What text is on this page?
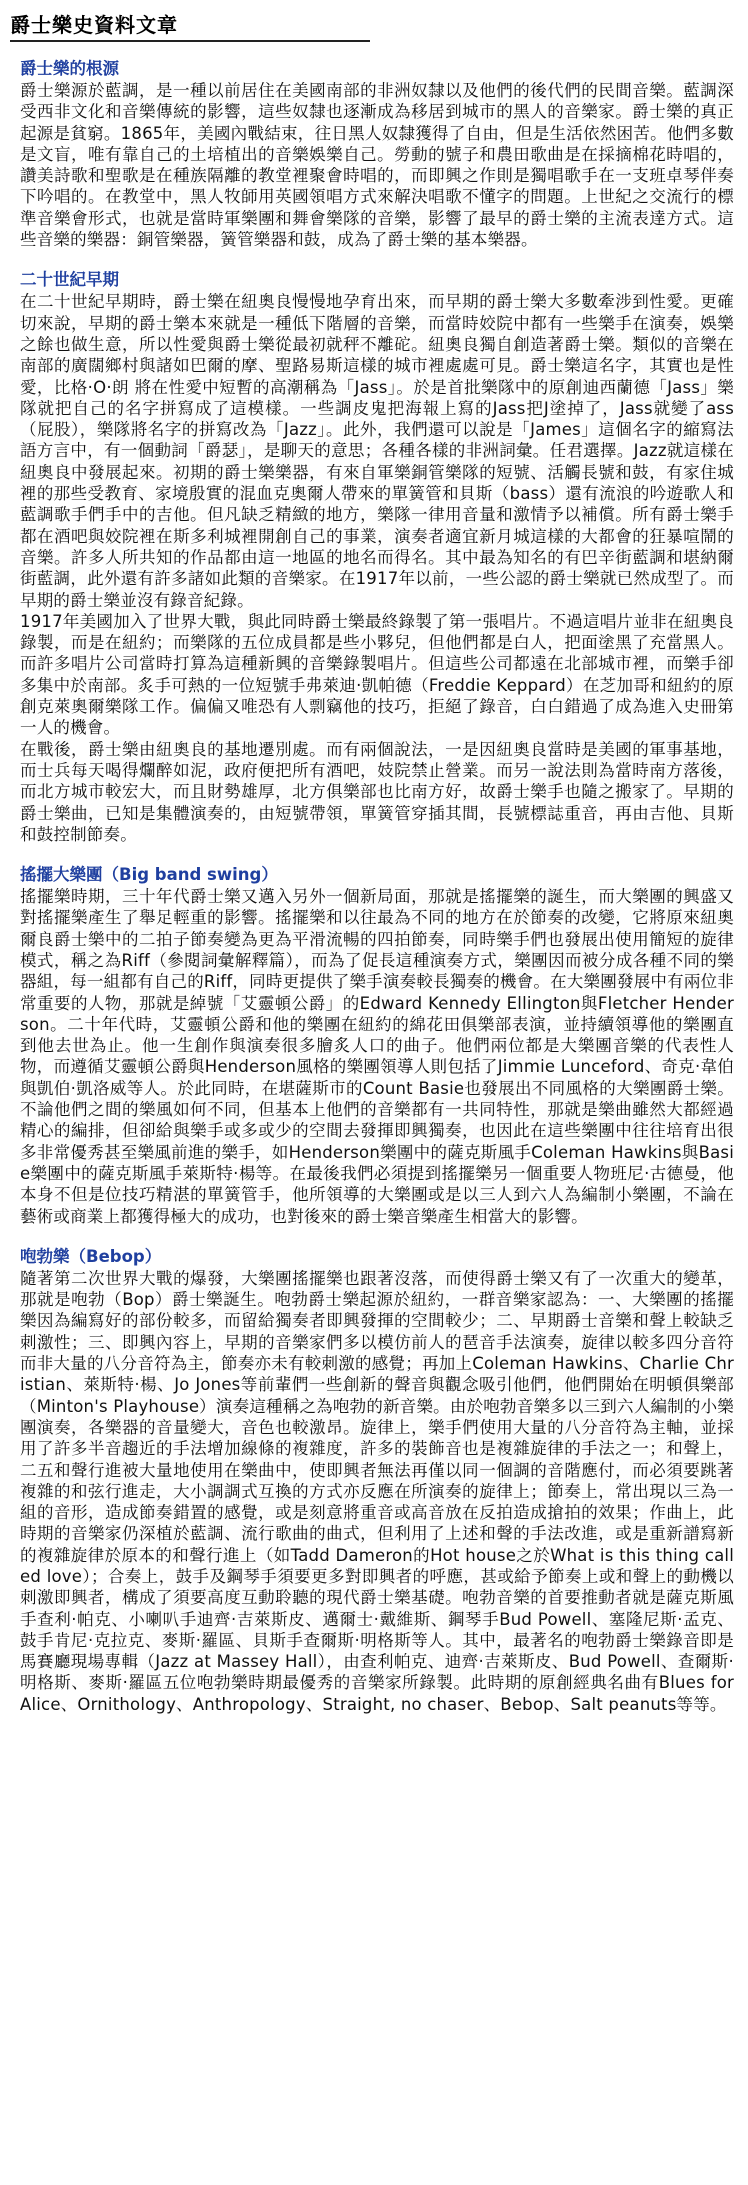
爵士樂史資料文章
爵士樂的根源

爵士樂源於藍調，是一種以前居住在美國南部的非洲奴隸以及他們的後代們的民間音樂。藍調深受西非文化和音樂傳統的影響，這些奴隸也逐漸成為移居到城市的黑人的音樂家。爵士樂的真正起源是貧窮。1865年，美國內戰結束，往日黑人奴隸獲得了自由，但是生活依然困苦。他們多數是文盲，唯有靠自己的土培植出的音樂娛樂自己。勞動的號子和農田歌曲是在採摘棉花時唱的，讚美詩歌和聖歌是在種族隔離的教堂裡聚會時唱的，而即興之作則是獨唱歌手在一支班卓琴伴奏下吟唱的。在教堂中，黑人牧師用英國領唱方式來解決唱歌不懂字的問題。上世紀之交流行的標準音樂會形式，也就是當時軍樂團和舞會樂隊的音樂，影響了最早的爵士樂的主流表達方式。這些音樂的樂器：銅管樂器，簧管樂器和鼓，成為了爵士樂的基本樂器。

二十世紀早期

在二十世紀早期時，爵士樂在紐奧良慢慢地孕育出來，而早期的爵士樂大多數牽涉到性愛。更確切來說，早期的爵士樂本來就是一種低下階層的音樂，而當時姣院中都有一些樂手在演奏，娛樂之餘也做生意，所以性愛與爵士樂從最初就秤不離砣。紐奧良獨自創造著爵士樂。類似的音樂在南部的廣闊鄉村與諸如巴爾的摩、聖路易斯這樣的城市裡處處可見。爵士樂這名字，其實也是性愛，比格·O·朗 將在性愛中短暫的高潮稱為「Jass」。於是首批樂隊中的原創迪西蘭德「Jass」樂隊就把自己的名字拼寫成了這模樣。一些調皮鬼把海報上寫的Jass把J塗掉了，Jass就變了ass（屁股），樂隊將名字的拼寫改為「Jazz」。此外，我們還可以說是「James」這個名字的縮寫法語方言中，有一個動詞「爵瑟」，是聊天的意思；各種各樣的非洲詞彙。任君選擇。Jazz就這樣在紐奧良中發展起來。初期的爵士樂樂器，有來自軍樂銅管樂隊的短號、活觸長號和鼓，有家住城裡的那些受教育、家境殷實的混血克奧爾人帶來的單簧管和貝斯（bass）還有流浪的吟遊歌人和藍調歌手們手中的吉他。但凡缺乏精緻的地方，樂隊一律用音量和激情予以補償。所有爵士樂手都在酒吧與姣院裡在斯多利城裡開創自己的事業，演奏者適宜新月城這樣的大都會的狂暴喧鬧的音樂。許多人所共知的作品都由這一地區的地名而得名。其中最為知名的有巴辛街藍調和堪納爾街藍調，此外還有許多諸如此類的音樂家。在1917年以前，一些公認的爵士樂就已然成型了。而早期的爵士樂並沒有錄音紀錄。

1917年美國加入了世界大戰，與此同時爵士樂最終錄製了第一張唱片。不過這唱片並非在紐奧良錄製，而是在紐約；而樂隊的五位成員都是些小夥兒，但他們都是白人，把面塗黑了充當黑人。而許多唱片公司當時打算為這種新興的音樂錄製唱片。但這些公司都遠在北部城市裡，而樂手卻多集中於南部。炙手可熱的一位短號手弗萊迪·凱帕德（Freddie Keppard）在芝加哥和紐約的原創克萊奧爾樂隊工作。偏偏又唯恐有人剽竊他的技巧，拒絕了錄音，白白錯過了成為進入史冊第一人的機會。

在戰後，爵士樂由紐奧良的基地遷別處。而有兩個說法，一是因紐奧良當時是美國的軍事基地，而士兵每天喝得爛醉如泥，政府便把所有酒吧，妓院禁止營業。而另一說法則為當時南方落後，而北方城市較宏大，而且財勢雄厚，北方俱樂部也比南方好，故爵士樂手也隨之搬家了。早期的爵士樂曲，已知是集體演奏的，由短號帶領，單簧管穿插其間，長號標誌重音，再由吉他、貝斯和鼓控制節奏。

搖擺大樂團（Big band swing）

搖擺樂時期，三十年代爵士樂又邁入另外一個新局面，那就是搖擺樂的誕生，而大樂團的興盛又對搖擺樂產生了舉足輕重的影響。搖擺樂和以往最為不同的地方在於節奏的改變，它將原來紐奧爾良爵士樂中的二拍子節奏變為更為平滑流暢的四拍節奏，同時樂手們也發展出使用簡短的旋律模式，稱之為Riff（參閱詞彙解釋篇），而為了促長這種演奏方式，樂團因而被分成各種不同的樂器組，每一組都有自己的Riff，同時更提供了樂手演奏較長獨奏的機會。在大樂團發展中有兩位非常重要的人物，那就是綽號「艾靈頓公爵」的Edward Kennedy Ellington與Fletcher Henderson。二十年代時，艾靈頓公爵和他的樂團在紐約的綿花田俱樂部表演，並持續領導他的樂團直到他去世為止。他一生創作與演奏很多膾炙人口的曲子。他們兩位都是大樂團音樂的代表性人物，而遵循艾靈頓公爵與Henderson風格的樂團領導人則包括了Jimmie Lunceford、奇克·韋伯與凱伯·凱洛威等人。於此同時，在堪薩斯市的Count Basie也發展出不同風格的大樂團爵士樂。不論他們之間的樂風如何不同，但基本上他們的音樂都有一共同特性，那就是樂曲雖然大都經過精心的編排，但卻給與樂手或多或少的空間去發揮即興獨奏，也因此在這些樂團中往往培育出很多非常優秀甚至樂風前進的樂手，如Henderson樂團中的薩克斯風手Coleman Hawkins與Basie樂團中的薩克斯風手萊斯特·楊等。在最後我們必須提到搖擺樂另一個重要人物班尼·古德曼，他本身不但是位技巧精湛的單簧管手，他所領導的大樂團或是以三人到六人為編制小樂團，不論在藝術或商業上都獲得極大的成功，也對後來的爵士樂音樂產生相當大的影響。

咆勃樂（Bebop）

隨著第二次世界大戰的爆發，大樂團搖擺樂也跟著沒落，而使得爵士樂又有了一次重大的變革，那就是咆勃（Bop）爵士樂誕生。咆勃爵士樂起源於紐約，一群音樂家認為：一、大樂團的搖擺樂因為編寫好的部份較多，而留給獨奏者即興發揮的空間較少；二、早期爵士音樂和聲上較缺乏刺激性；三、即興內容上，早期的音樂家們多以模仿前人的琶音手法演奏，旋律以較多四分音符而非大量的八分音符為主，節奏亦未有較刺激的感覺；再加上Coleman Hawkins、Charlie Christian、萊斯特·楊、Jo Jones等前輩們一些創新的聲音與觀念吸引他們，他們開始在明頓俱樂部（Minton's Playhouse）演奏這種稱之為咆勃的新音樂。由於咆勃音樂多以三到六人編制的小樂團演奏，各樂器的音量變大，音色也較激昂。旋律上，樂手們使用大量的八分音符為主軸，並採用了許多半音趨近的手法增加線條的複雜度，許多的裝飾音也是複雜旋律的手法之一；和聲上，二五和聲行進被大量地使用在樂曲中，使即興者無法再僅以同一個調的音階應付，而必須要跳著複雜的和弦行進走，大小調調式互換的方式亦反應在所演奏的旋律上；節奏上，常出現以三為一組的音形，造成節奏錯置的感覺，或是刻意將重音或高音放在反拍造成搶拍的效果；作曲上，此時期的音樂家仍深植於藍調、流行歌曲的曲式，但利用了上述和聲的手法改進，或是重新譜寫新的複雜旋律於原本的和聲行進上（如Tadd Dameron的Hot house之於What is this thing called love）；合奏上，鼓手及鋼琴手須要更多對即興者的呼應，甚或給予節奏上或和聲上的動機以刺激即興者，構成了須要高度互動聆聽的現代爵士樂基礎。咆勃音樂的首要推動者就是薩克斯風手查利·帕克、小喇叭手迪齊·吉萊斯皮、邁爾士·戴維斯、鋼琴手Bud Powell、塞隆尼斯·孟克、鼓手肯尼·克拉克、麥斯·羅區、貝斯手查爾斯·明格斯等人。其中，最著名的咆勃爵士樂錄音即是馬賽廳現場專輯（Jazz at Massey Hall），由查利帕克、迪齊·吉萊斯皮、Bud Powell、查爾斯·明格斯、麥斯·羅區五位咆勃樂時期最優秀的音樂家所錄製。此時期的原創經典名曲有Blues for Alice、Ornithology、Anthropology、Straight, no chaser、Bebop、Salt peanuts等等。
